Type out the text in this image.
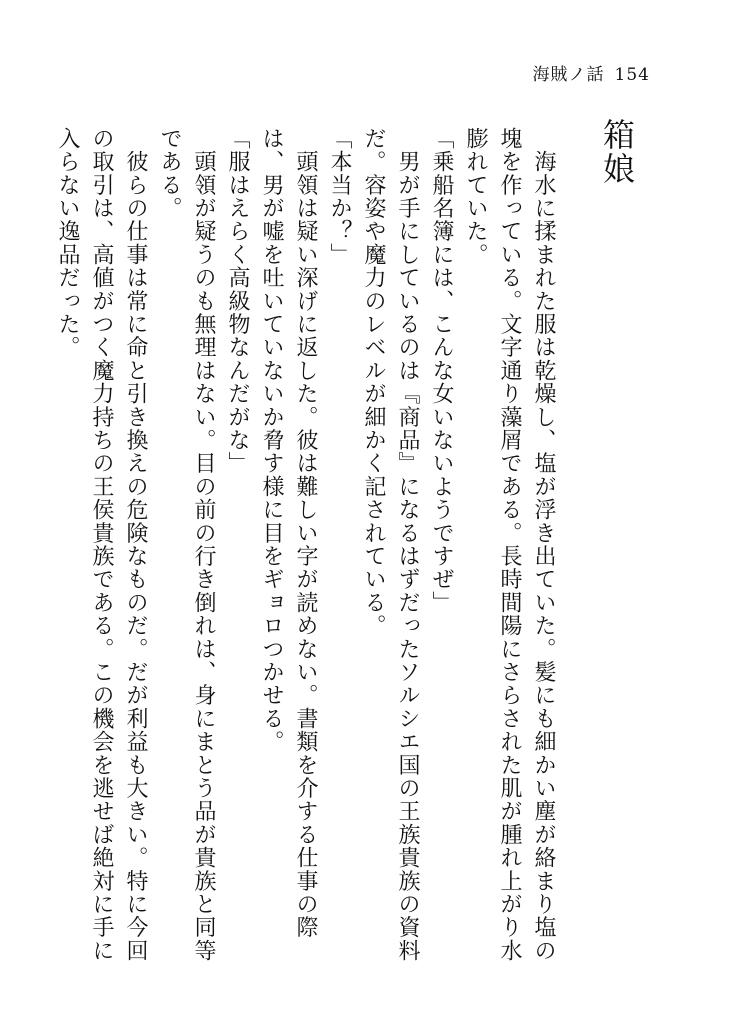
海賊ノ話 154
箱娘

　海水に揉まれた服は乾燥し、塩が浮き出ていた。髪にも細かい塵が絡まり塩の塊を作っている。文字通り藻屑である。長時間陽にさらされた肌が腫れ上がり水膨れていた。

「乗船名簿には、こんな女いないようですぜ」

　男が手にしているのは『商品』になるはずだったソルシエ国の王族貴族の資料だ。容姿や魔力のレベルが細かく記されている。

「本当か？」

　頭領は疑い深げに返した。彼は難しい字が読めない。書類を介する仕事の際は、男が嘘を吐いていないか脅す様に目をギョロつかせる。

「服はえらく高級物なんだがな」

　頭領が疑うのも無理はない。目の前の行き倒れは、身にまとう品が貴族と同等である。

　彼らの仕事は常に命と引き換えの危険なものだ。だが利益も大きい。特に今回の取引は、高値がつく魔力持ちの王侯貴族である。この機会を逃せば絶対に手に入らない逸品だった。
